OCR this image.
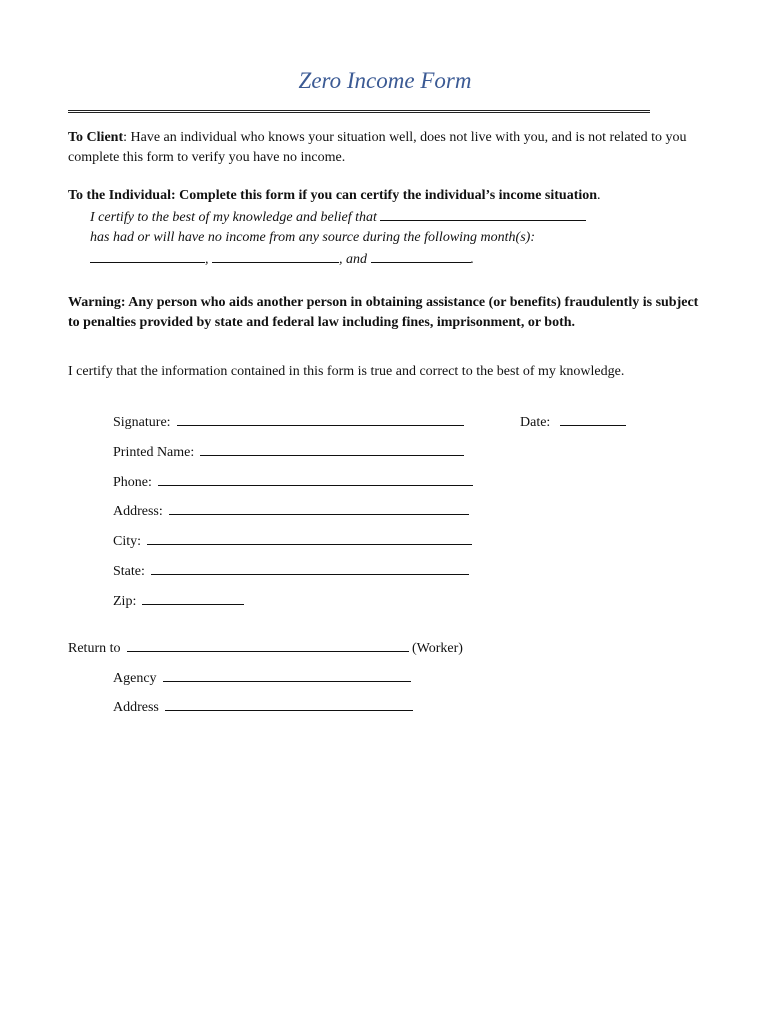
Zero Income Form
To Client: Have an individual who knows your situation well, does not live with you, and is not related to you complete this form to verify you have no income.
To the Individual: Complete this form if you can certify the individual’s income situation.
I certify to the best of my knowledge and belief that
has had or will have no income from any source during the following month(s):
,	, and	.
Warning: Any person who aids another person in obtaining assistance (or benefits) fraudulently is subject to penalties provided by state and federal law including fines, imprisonment, or both.
I certify that the information contained in this form is true and correct to the best of my knowledge.
Signature:	Date:
Printed Name:
Phone:
Address:
City:
State:
Zip:
Return to	(Worker)
Agency
Address
